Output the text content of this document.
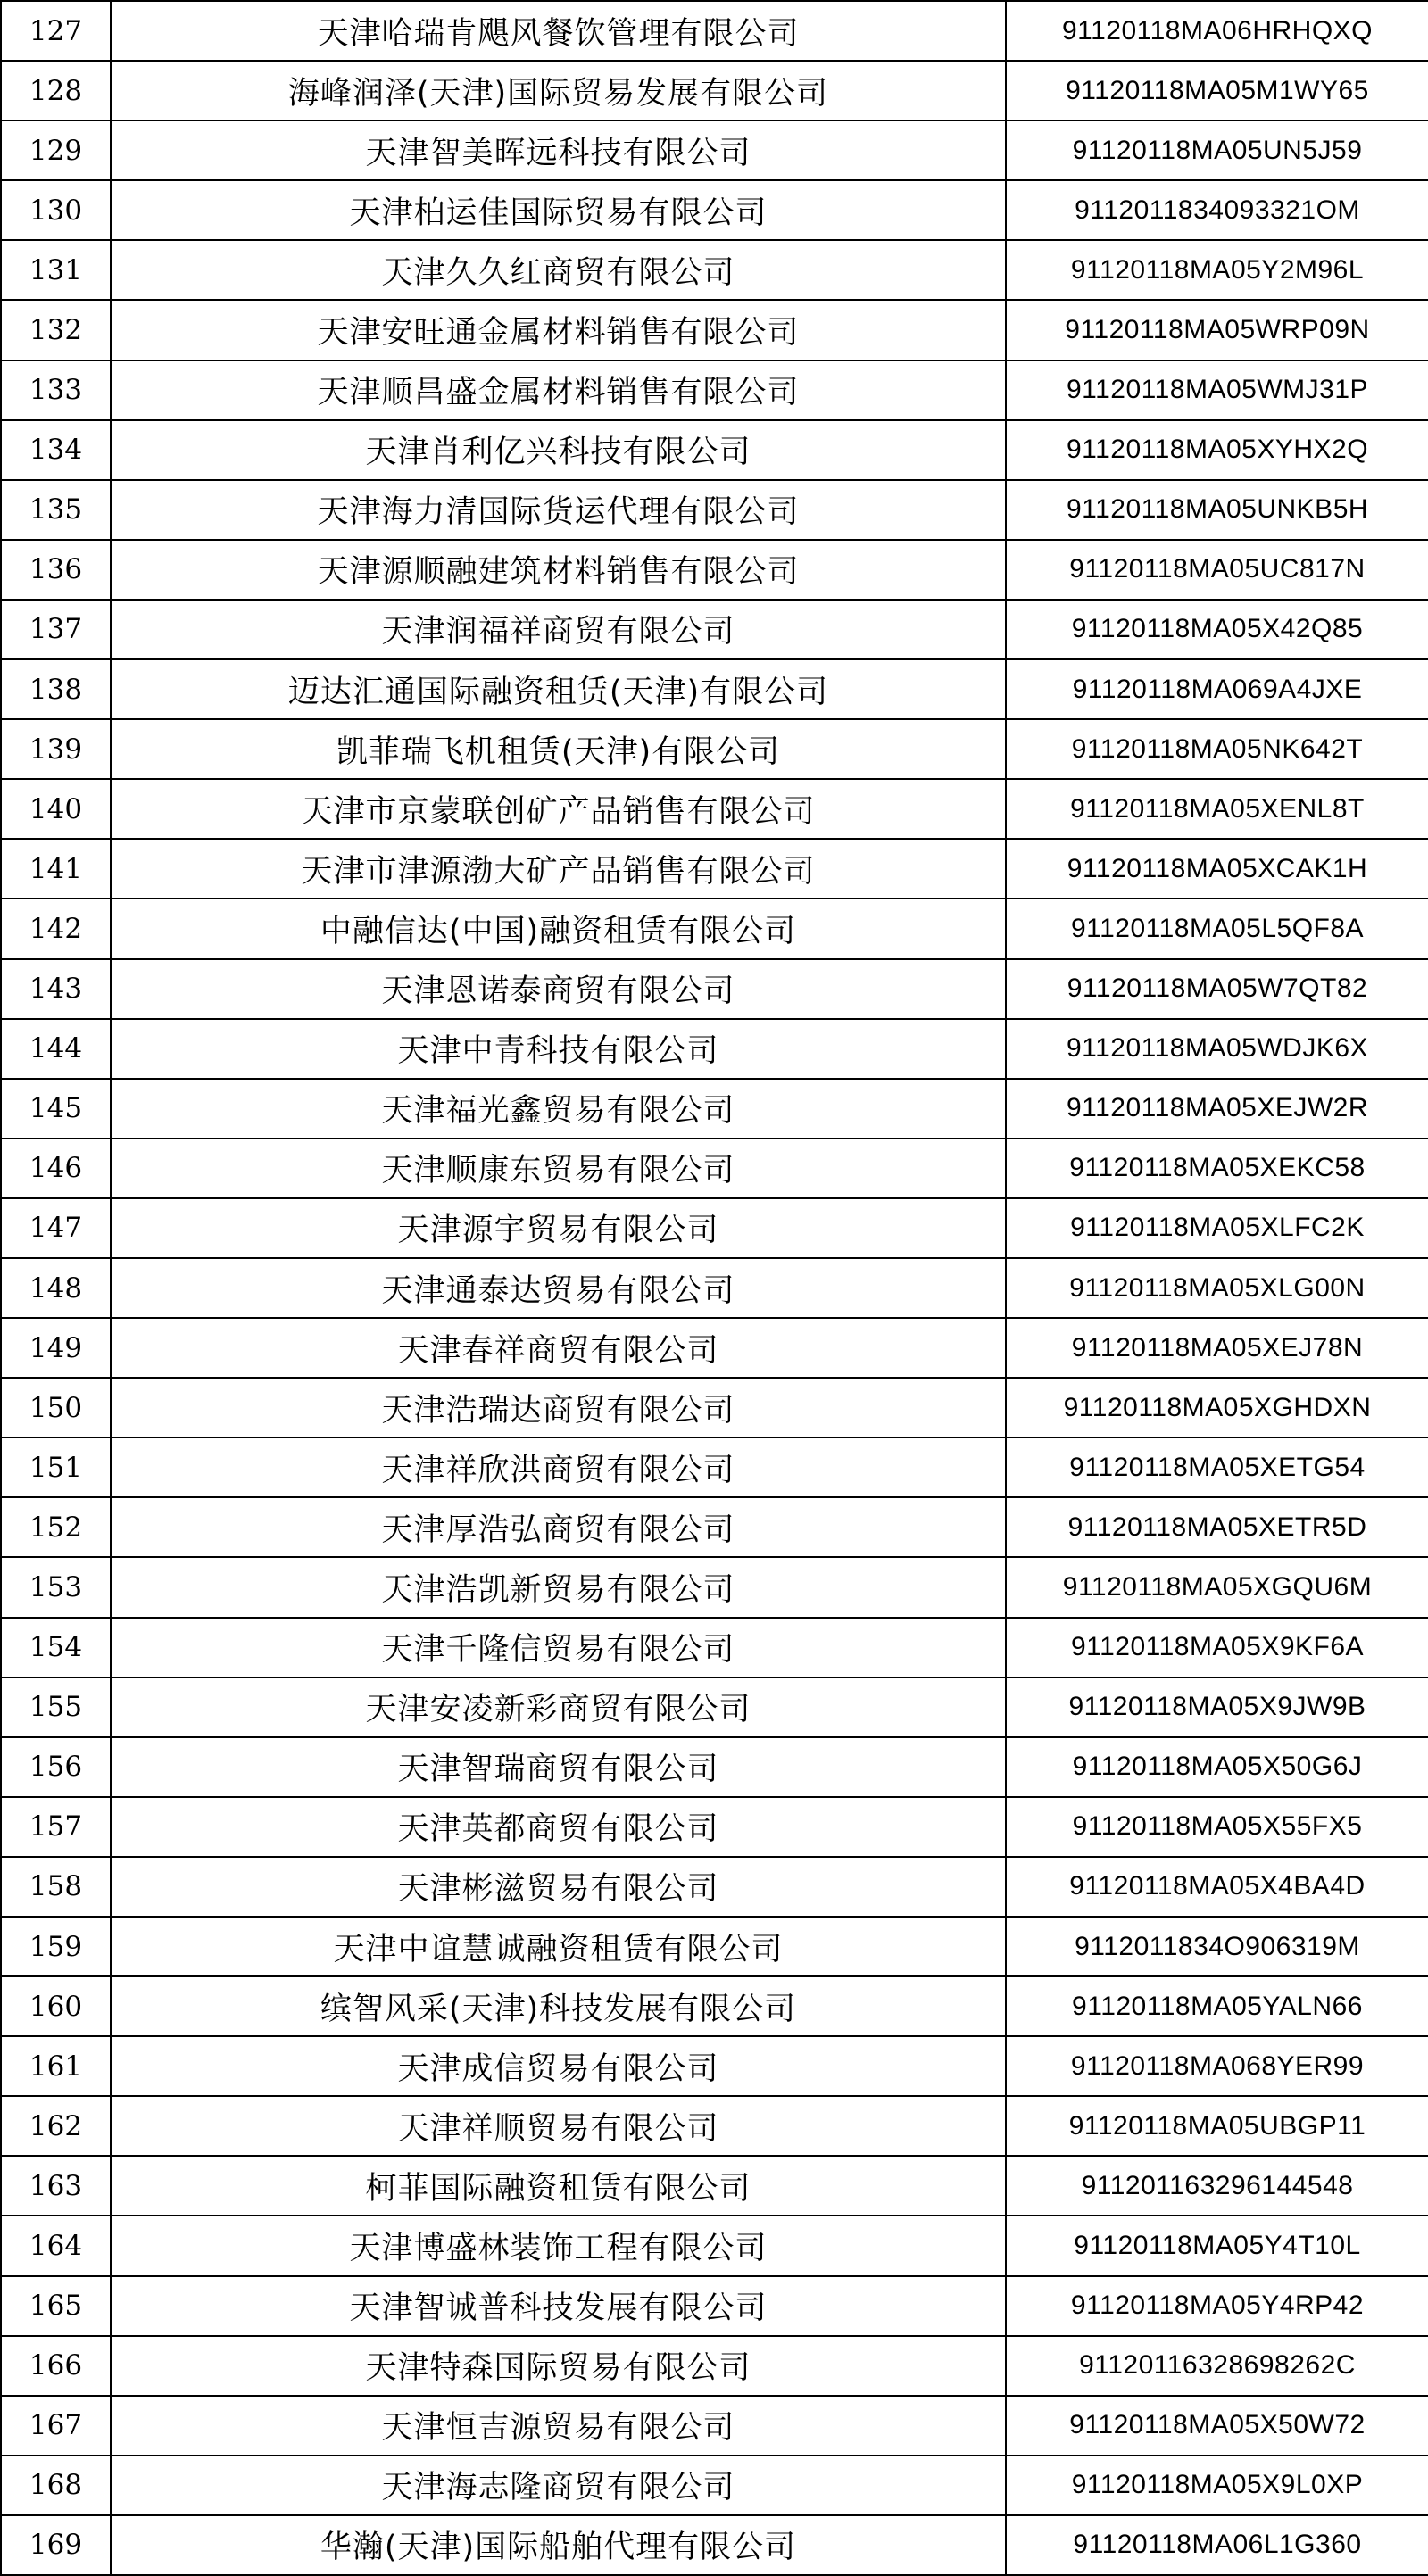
127	天津哈瑞肯飓风餐饮管理有限公司	91120118MA06HRHQXQ
128	海峰润泽(天津)国际贸易发展有限公司	91120118MA05M1WY65
129	天津智美晖远科技有限公司	91120118MA05UN5J59
130	天津柏运佳国际贸易有限公司	9112011834093321OM
131	天津久久红商贸有限公司	91120118MA05Y2M96L
132	天津安旺通金属材料销售有限公司	91120118MA05WRP09N
133	天津顺昌盛金属材料销售有限公司	91120118MA05WMJ31P
134	天津肖利亿兴科技有限公司	91120118MA05XYHX2Q
135	天津海力清国际货运代理有限公司	91120118MA05UNKB5H
136	天津源顺融建筑材料销售有限公司	91120118MA05UC817N
137	天津润福祥商贸有限公司	91120118MA05X42Q85
138	迈达汇通国际融资租赁(天津)有限公司	91120118MA069A4JXE
139	凯菲瑞飞机租赁(天津)有限公司	91120118MA05NK642T
140	天津市京蒙联创矿产品销售有限公司	91120118MA05XENL8T
141	天津市津源渤大矿产品销售有限公司	91120118MA05XCAK1H
142	中融信达(中国)融资租赁有限公司	91120118MA05L5QF8A
143	天津恩诺泰商贸有限公司	91120118MA05W7QT82
144	天津中青科技有限公司	91120118MA05WDJK6X
145	天津福光鑫贸易有限公司	91120118MA05XEJW2R
146	天津顺康东贸易有限公司	91120118MA05XEKC58
147	天津源宇贸易有限公司	91120118MA05XLFC2K
148	天津通泰达贸易有限公司	91120118MA05XLG00N
149	天津春祥商贸有限公司	91120118MA05XEJ78N
150	天津浩瑞达商贸有限公司	91120118MA05XGHDXN
151	天津祥欣洪商贸有限公司	91120118MA05XETG54
152	天津厚浩弘商贸有限公司	91120118MA05XETR5D
153	天津浩凯新贸易有限公司	91120118MA05XGQU6M
154	天津千隆信贸易有限公司	91120118MA05X9KF6A
155	天津安凌新彩商贸有限公司	91120118MA05X9JW9B
156	天津智瑞商贸有限公司	91120118MA05X50G6J
157	天津英都商贸有限公司	91120118MA05X55FX5
158	天津彬滋贸易有限公司	91120118MA05X4BA4D
159	天津中谊慧诚融资租赁有限公司	9112011834O906319M
160	缤智风采(天津)科技发展有限公司	91120118MA05YALN66
161	天津成信贸易有限公司	91120118MA068YER99
162	天津祥顺贸易有限公司	91120118MA05UBGP11
163	柯菲国际融资租赁有限公司	911201163296144548
164	天津博盛林装饰工程有限公司	91120118MA05Y4T10L
165	天津智诚普科技发展有限公司	91120118MA05Y4RP42
166	天津特森国际贸易有限公司	91120116328698262C
167	天津恒吉源贸易有限公司	91120118MA05X50W72
168	天津海志隆商贸有限公司	91120118MA05X9L0XP
169	华瀚(天津)国际船舶代理有限公司	91120118MA06L1G360
